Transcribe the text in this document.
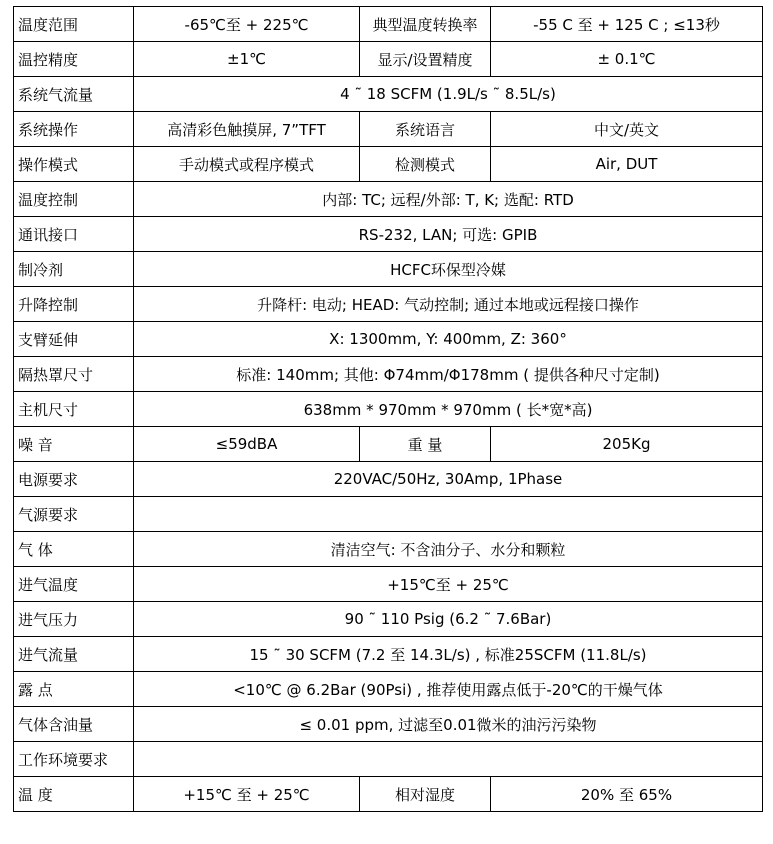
温度范围	-65℃至 + 225℃	典型温度转换率	-55 C 至 + 125 C ; ≤13秒
温控精度	±1℃	显示/设置精度	± 0.1℃
系统气流量	4 ˜ 18 SCFM (1.9L/s ˜ 8.5L/s)		
系统操作	高清彩色触摸屏, 7”TFT	系统语言	中文/英文
操作模式	手动模式或程序模式	检测模式	Air, DUT
温度控制	内部: TC; 远程/外部: T, K; 选配: RTD		
通讯接口	RS-232, LAN; 可选: GPIB		
制冷剂	HCFC环保型冷媒		
升降控制	升降杆: 电动; HEAD: 气动控制; 通过本地或远程接口操作		
支臂延伸	X: 1300mm, Y: 400mm, Z: 360°		
隔热罩尺寸	标准: 140mm; 其他: Φ74mm/Φ178mm ( 提供各种尺寸定制)		
主机尺寸	638mm * 970mm * 970mm ( 长*宽*高)		
噪 音	≤59dBA	重 量	205Kg
电源要求	220VAC/50Hz, 30Amp, 1Phase		
气源要求			
气 体	清洁空气: 不含油分子、水分和颗粒		
进气温度	+15℃至 + 25℃		
进气压力	90 ˜ 110 Psig (6.2 ˜ 7.6Bar)		
进气流量	15 ˜ 30 SCFM (7.2 至 14.3L/s) , 标准25SCFM (11.8L/s)		
露 点	<10℃ @ 6.2Bar (90Psi) , 推荐使用露点低于-20℃的干燥气体		
气体含油量	≤ 0.01 ppm, 过滤至0.01微米的油污污染物		
工作环境要求			
温 度	+15℃ 至 + 25℃	相对湿度	20% 至 65%
